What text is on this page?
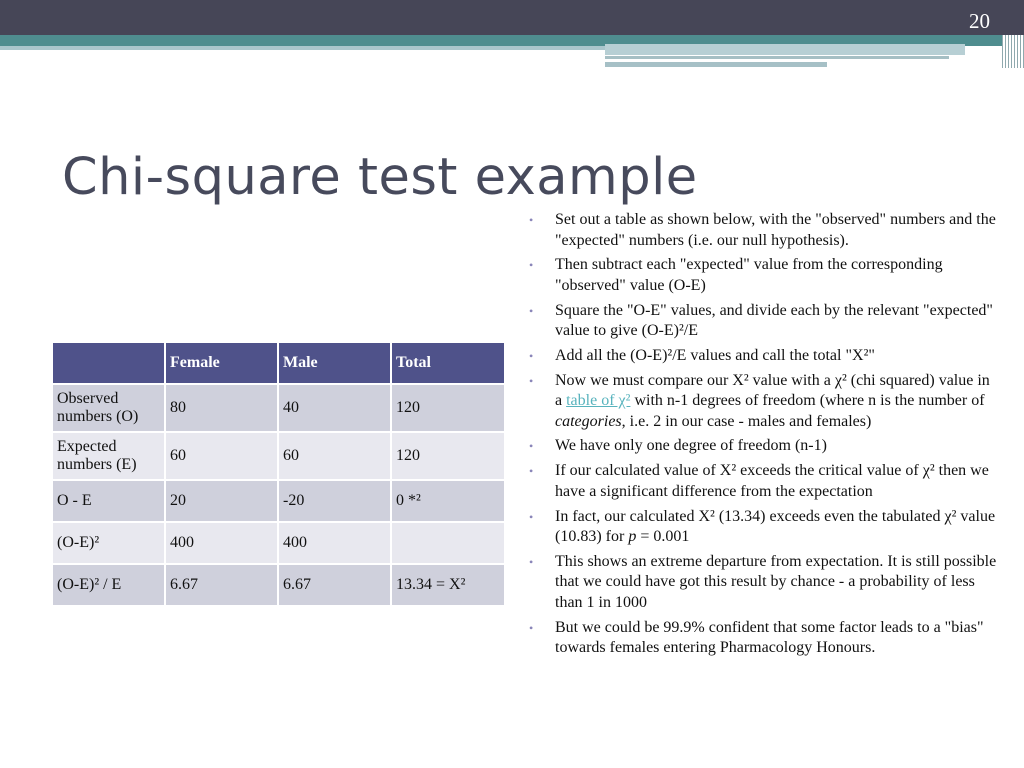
20
Chi-square test example
	Female	Male	Total
Observed numbers (O)	80	40	120
Expected numbers (E)	60	60	120
O - E	20	-20	0 *²
(O-E)²	400	400	
(O-E)² / E	6.67	6.67	13.34 = X²
• Set out a table as shown below, with the "observed" numbers and the "expected" numbers (i.e. our null hypothesis).
• Then subtract each "expected" value from the corresponding "observed" value (O-E)
• Square the "O-E" values, and divide each by the relevant "expected" value to give (O-E)²/E
• Add all the (O-E)²/E values and call the total "X²"
• Now we must compare our X² value with a χ² (chi squared) value in a table of χ² with n-1 degrees of freedom (where n is the number of categories, i.e. 2 in our case - males and females)
• We have only one degree of freedom (n-1)
• If our calculated value of X² exceeds the critical value of χ² then we have a significant difference from the expectation
• In fact, our calculated X² (13.34) exceeds even the tabulated χ² value (10.83) for p = 0.001
• This shows an extreme departure from expectation. It is still possible that we could have got this result by chance - a probability of less than 1 in 1000
• But we could be 99.9% confident that some factor leads to a "bias" towards females entering Pharmacology Honours.
